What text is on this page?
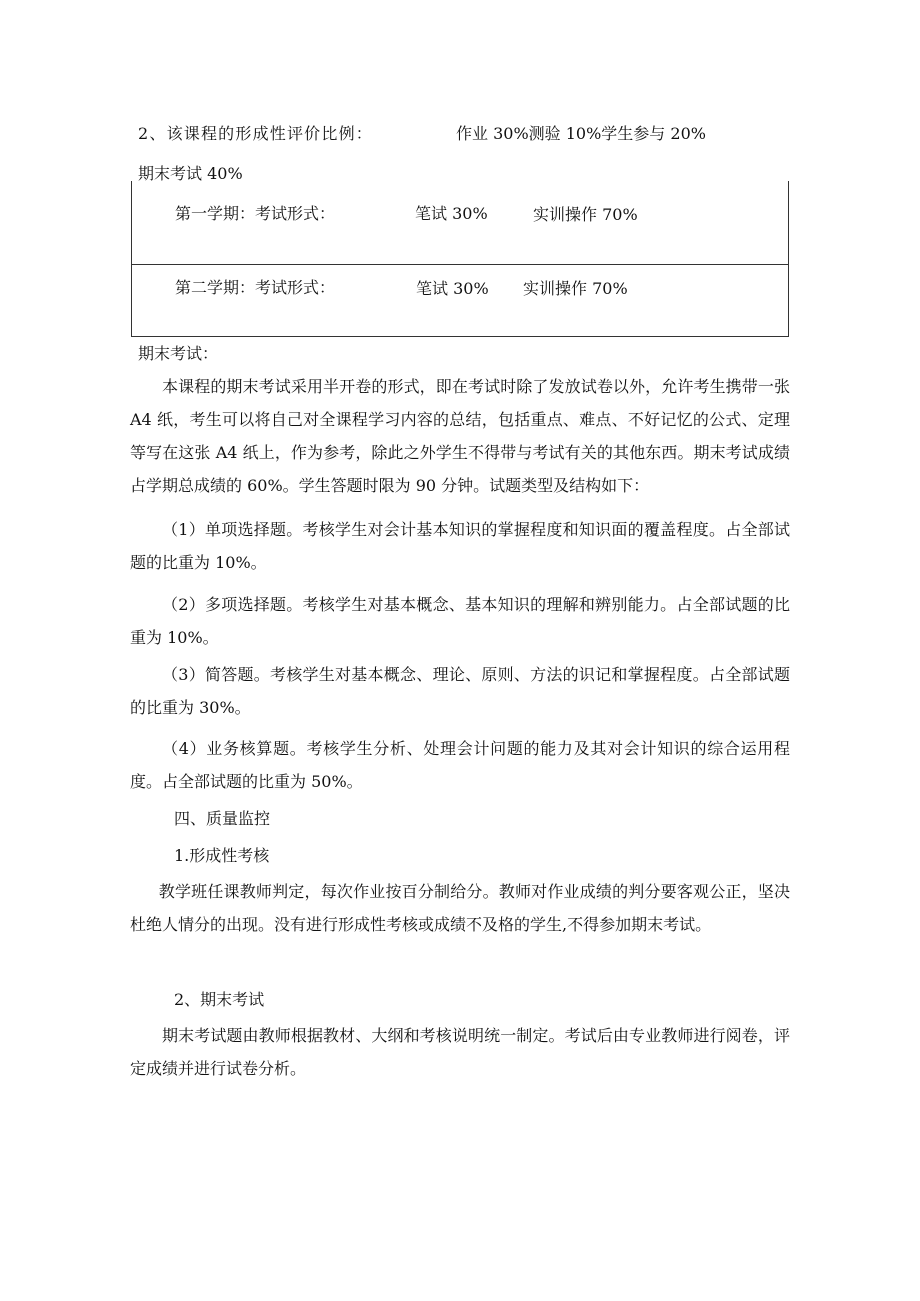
2、该课程的形成性评价比例：	作业 30%测验 10%学生参与 20%
期末考试 40%
第一学期：考试形式：	笔试 30%	实训操作 70%
第二学期：考试形式：	笔试 30% 实训操作 70%
期末考试：
本课程的期末考试采用半开卷的形式，即在考试时除了发放试卷以外，允许考生携带一张 A4 纸，考生可以将自己对全课程学习内容的总结，包括重点、难点、不好记忆的公式、定理等写在这张 A4 纸上，作为参考，除此之外学生不得带与考试有关的其他东西。期末考试成绩占学期总成绩的 60%。学生答题时限为 90 分钟。试题类型及结构如下：
（1）单项选择题。考核学生对会计基本知识的掌握程度和知识面的覆盖程度。占全部试题的比重为 10%。
（2）多项选择题。考核学生对基本概念、基本知识的理解和辨别能力。占全部试题的比重为 10%。
（3）简答题。考核学生对基本概念、理论、原则、方法的识记和掌握程度。占全部试题的比重为 30%。
（4）业务核算题。考核学生分析、处理会计问题的能力及其对会计知识的综合运用程度。占全部试题的比重为 50%。
四、质量监控
1.形成性考核
教学班任课教师判定，每次作业按百分制给分。教师对作业成绩的判分要客观公正，坚决杜绝人情分的出现。没有进行形成性考核或成绩不及格的学生,不得参加期末考试。
2、期末考试
期末考试题由教师根据教材、大纲和考核说明统一制定。考试后由专业教师进行阅卷，评定成绩并进行试卷分析。
